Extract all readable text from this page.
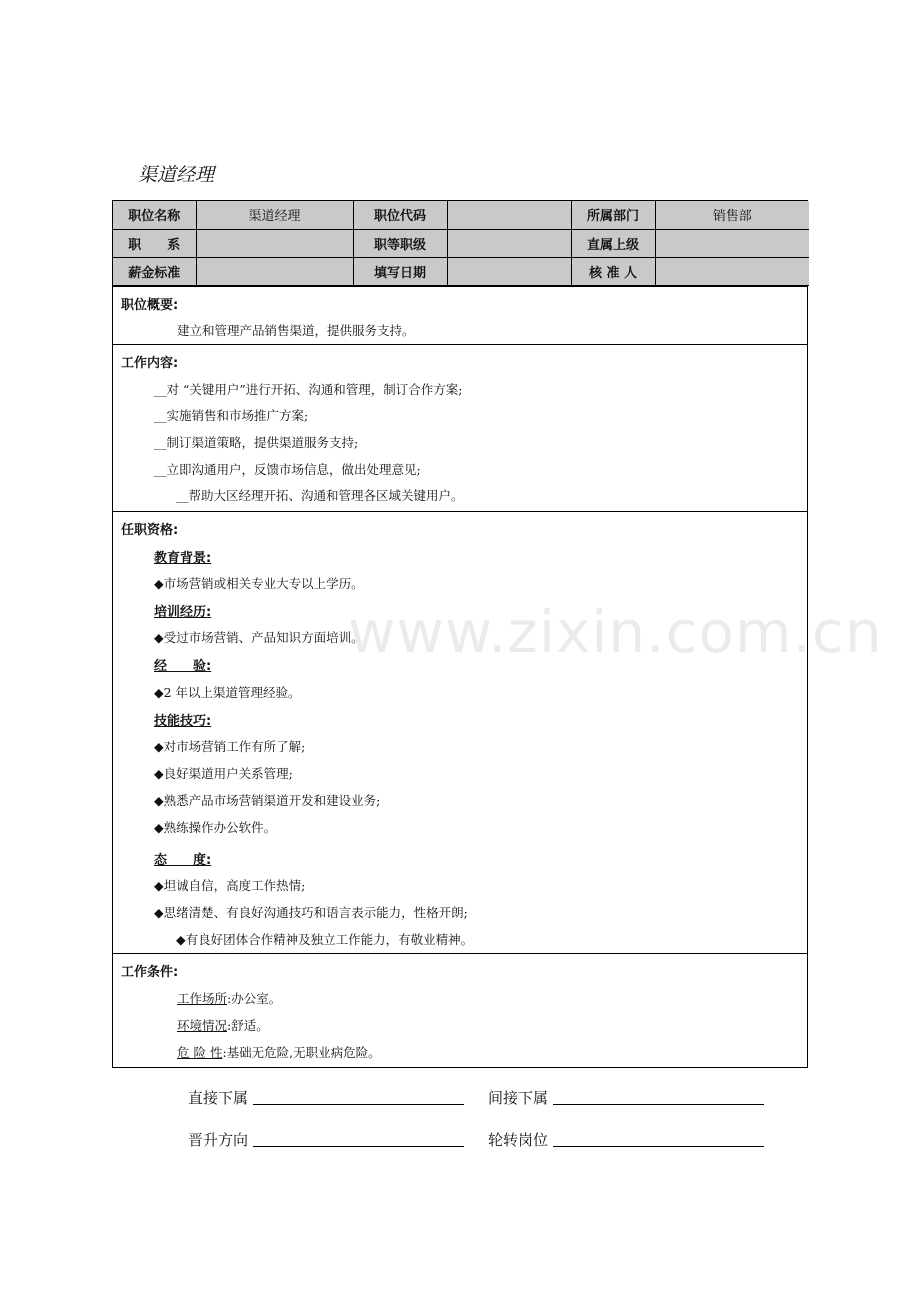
渠道经理
职位名称	渠道经理	职位代码		所属部门	销售部
职　　系		职等职级		直属上级	
薪金标准		填写日期		核 准 人	
职位概要:
建立和管理产品销售渠道，提供服务支持。
工作内容:
__对 “关键用户”进行开拓、沟通和管理，制订合作方案;
__实施销售和市场推广方案;
__制订渠道策略，提供渠道服务支持;
__立即沟通用户，反馈市场信息，做出处理意见;
__帮助大区经理开拓、沟通和管理各区域关键用户。
任职资格:
教育背景:
◆市场营销或相关专业大专以上学历。
培训经历:
◆受过市场营销、产品知识方面培训。
经　　验:
◆2 年以上渠道管理经验。
技能技巧:
◆对市场营销工作有所了解;
◆良好渠道用户关系管理;
◆熟悉产品市场营销渠道开发和建设业务;
◆熟练操作办公软件。
态　　度:
◆坦诚自信，高度工作热情;
◆思绪清楚、有良好沟通技巧和语言表示能力，性格开朗;
◆有良好团体合作精神及独立工作能力，有敬业精神。
工作条件:
工作场所:办公室。
环境情况:舒适。
危 险 性:基础无危险,无职业病危险。
www.zixin.com.cn
直接下属	间接下属
晋升方向	轮转岗位
